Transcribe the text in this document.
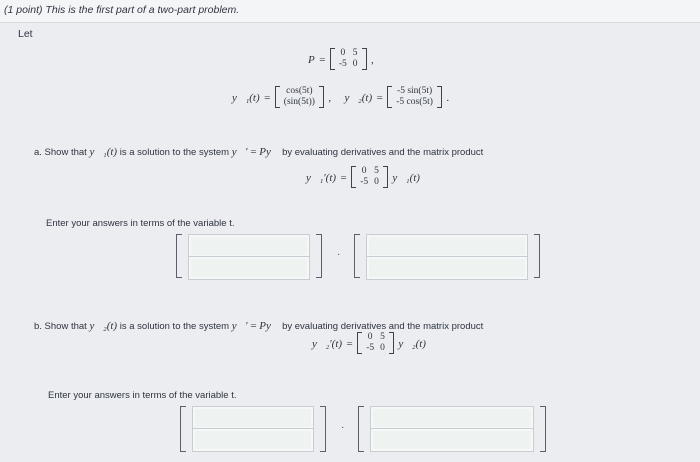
(1 point) This is the first part of a two-part problem.
Let
P =
0	5
-5	0 ,
y⃗₁(t) =
cos(5t)
(sin(5t)) , y⃗₂(t) =
-5 sin(5t)
-5 cos(5t) .
a. Show that y⃗₁(t) is a solution to the system y⃗′ = Py⃗ by evaluating derivatives and the matrix product
y⃗₁′(t) =
0	5
-5	0 y⃗₁(t)
Enter your answers in terms of the variable t.
·
b. Show that y⃗₂(t) is a solution to the system y⃗′ = Py⃗ by evaluating derivatives and the matrix product
y⃗₂′(t) =
0	5
-5	0 y⃗₂(t)
Enter your answers in terms of the variable t.
·
